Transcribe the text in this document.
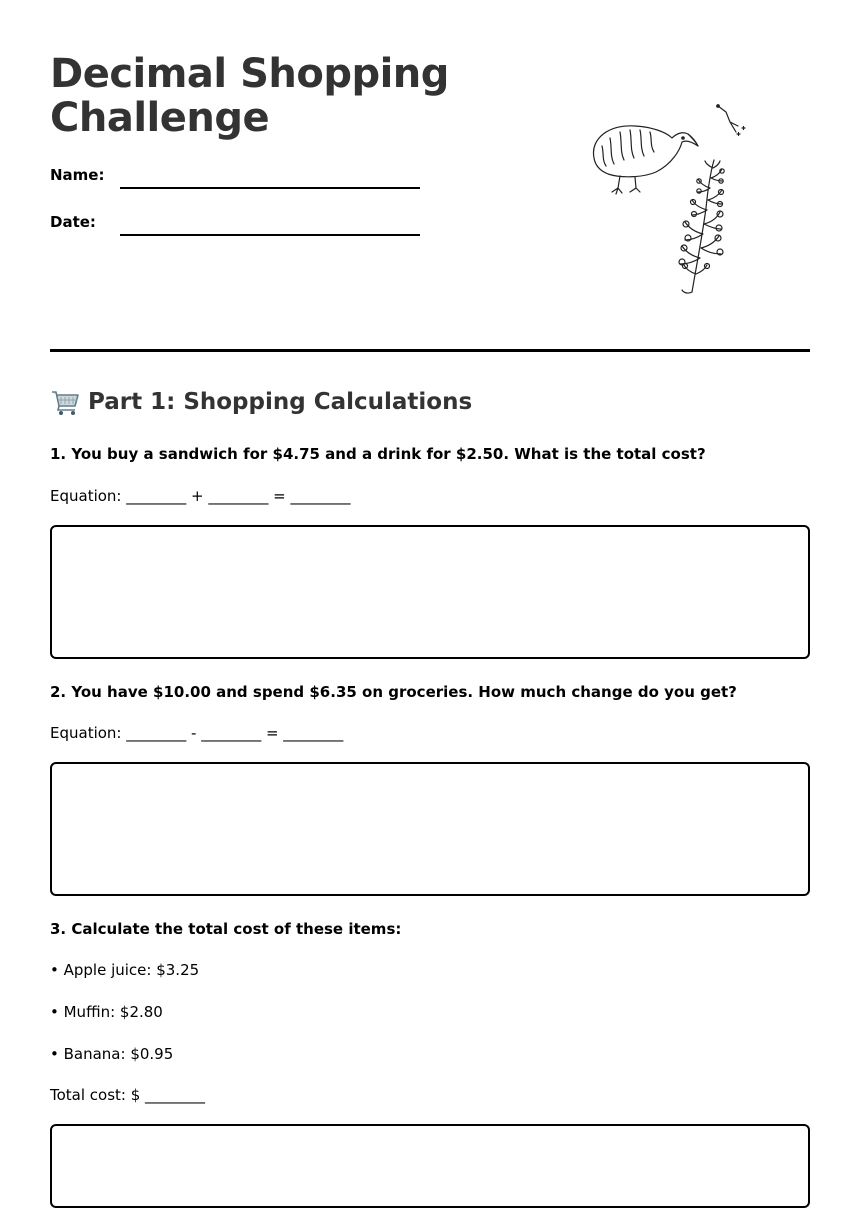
Decimal Shopping
Challenge
Name:
Date:
Part 1: Shopping Calculations

1. You buy a sandwich for $4.75 and a drink for $2.50. What is the total cost?

Equation: ________ + ________ = ________

2. You have $10.00 and spend $6.35 on groceries. How much change do you get?

Equation: ________ - ________ = ________

3. Calculate the total cost of these items:

• Apple juice: $3.25

• Muffin: $2.80

• Banana: $0.95

Total cost: $ ________
